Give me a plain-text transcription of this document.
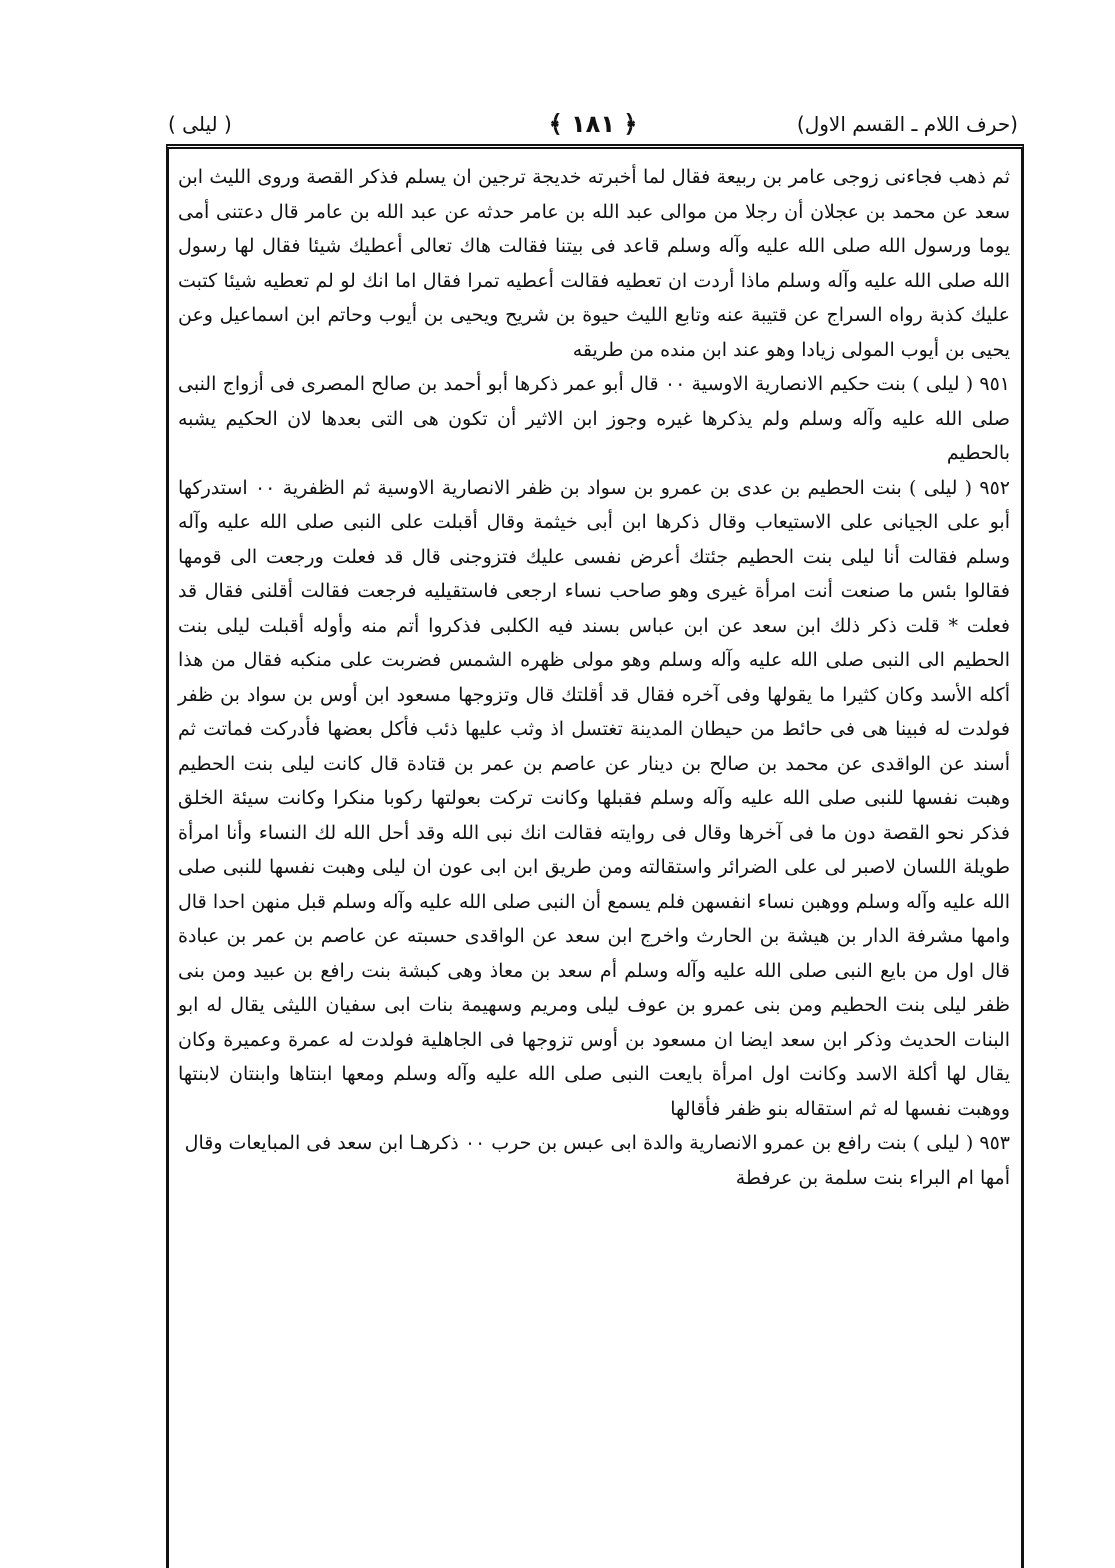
(حرف اللام ـ القسم الاول)
﴿ ١٨١ ﴾
( ليلى )

ثم ذهب فجاءنى زوجى عامر بن ربيعة فقال لما أخبرته خديجة ترجين ان يسلم فذكر القصة وروى الليث ابن سعد عن محمد بن عجلان أن رجلا من موالى عبد الله بن عامر حدثه عن عبد الله بن عامر قال دعتنى أمى يوما ورسول الله صلى الله عليه وآله وسلم قاعد فى بيتنا فقالت هاك تعالى أعطيك شيئا فقال لها رسول الله صلى الله عليه وآله وسلم ماذا أردت ان تعطيه فقالت أعطيه تمرا فقال اما انك لو لم تعطيه شيئا كتبت عليك كذبة رواه السراج عن قتيبة عنه وتابع الليث حيوة بن شريح ويحيى بن أيوب وحاتم ابن اسماعيل وعن يحيى بن أيوب المولى زيادا وهو عند ابن منده من طريقه

٩٥١ ( ليلى ) بنت حكيم الانصارية الاوسية ٠٠ قال أبو عمر ذكرها أبو أحمد بن صالح المصرى فى أزواج النبى صلى الله عليه وآله وسلم ولم يذكرها غيره وجوز ابن الاثير أن تكون هى التى بعدها لان الحكيم يشبه بالحطيم

٩٥٢ ( ليلى ) بنت الحطيم بن عدى بن عمرو بن سواد بن ظفر الانصارية الاوسية ثم الظفرية ٠٠ استدركها أبو على الجيانى على الاستيعاب وقال ذكرها ابن أبى خيثمة وقال أقبلت على النبى صلى الله عليه وآله وسلم فقالت أنا ليلى بنت الحطيم جئتك أعرض نفسى عليك فتزوجنى قال قد فعلت ورجعت الى قومها فقالوا بئس ما صنعت أنت امرأة غيرى وهو صاحب نساء ارجعى فاستقيليه فرجعت فقالت أقلنى فقال قد فعلت * قلت ذكر ذلك ابن سعد عن ابن عباس بسند فيه الكلبى فذكروا أتم منه وأوله أقبلت ليلى بنت الحطيم الى النبى صلى الله عليه وآله وسلم وهو مولى ظهره الشمس فضربت على منكبه فقال من هذا أكله الأسد وكان كثيرا ما يقولها وفى آخره فقال قد أقلتك قال وتزوجها مسعود ابن أوس بن سواد بن ظفر فولدت له فبينا هى فى حائط من حيطان المدينة تغتسل اذ وثب عليها ذئب فأكل بعضها فأدركت فماتت ثم أسند عن الواقدى عن محمد بن صالح بن دينار عن عاصم بن عمر بن قتادة قال كانت ليلى بنت الحطيم وهبت نفسها للنبى صلى الله عليه وآله وسلم فقبلها وكانت تركت بعولتها ركوبا منكرا وكانت سيئة الخلق فذكر نحو القصة دون ما فى آخرها وقال فى روايته فقالت انك نبى الله وقد أحل الله لك النساء وأنا امرأة طويلة اللسان لاصبر لى على الضرائر واستقالته ومن طريق ابن ابى عون ان ليلى وهبت نفسها للنبى صلى الله عليه وآله وسلم ووهبن نساء انفسهن فلم يسمع أن النبى صلى الله عليه وآله وسلم قبل منهن احدا قال وامها مشرفة الدار بن هيشة بن الحارث واخرج ابن سعد عن الواقدى حسبته عن عاصم بن عمر بن عبادة قال اول من بايع النبى صلى الله عليه وآله وسلم أم سعد بن معاذ وهى كبشة بنت رافع بن عبيد ومن بنى ظفر ليلى بنت الحطيم ومن بنى عمرو بن عوف ليلى ومريم وسهيمة بنات ابى سفيان الليثى يقال له ابو البنات الحديث وذكر ابن سعد ايضا ان مسعود بن أوس تزوجها فى الجاهلية فولدت له عمرة وعميرة وكان يقال لها أكلة الاسد وكانت اول امرأة بايعت النبى صلى الله عليه وآله وسلم ومعها ابنتاها وابنتان لابنتها ووهبت نفسها له ثم استقاله بنو ظفر فأقالها

٩٥٣ ( ليلى ) بنت رافع بن عمرو الانصارية والدة ابى عبس بن حرب ٠٠ ذكرهـا ابن سعد فى المبايعات وقال أمها ام البراء بنت سلمة بن عرفطة
